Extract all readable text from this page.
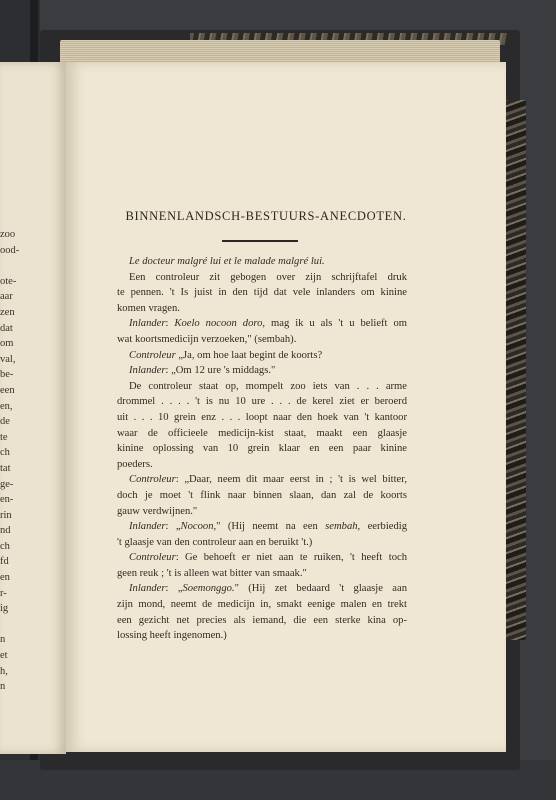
zoo
ood-
ote-
aar
zen
dat
om
val,
be-
een
en,
de
te
ch
tat
ge-
en-
rin
nd
ch
fd
en
r-
ig
n
et
h,
n
BINNENLANDSCH-BESTUURS-ANECDOTEN.
Le docteur malgré lui et le malade malgré lui.
Een controleur zit gebogen over zijn schrijftafel druk
te pennen. 't Is juist in den tijd dat vele inlanders om kinine
komen vragen.
Inlander: Koelo nocoon doro, mag ik u als 't u belieft om
wat koortsmedicijn verzoeken," (sembah).
Controleur „Ja, om hoe laat begint de koorts?
Inlander: „Om 12 ure 's middags."
De controleur staat op, mompelt zoo iets van . . . arme
drommel . . . . 't is nu 10 ure . . . de kerel ziet er beroerd
uit . . . 10 grein enz . . . loopt naar den hoek van 't kantoor
waar de officieele medicijn-kist staat, maakt een glaasje
kinine oplossing van 10 grein klaar en een paar kinine
poeders.
Controleur: „Daar, neem dit maar eerst in ; 't is wel bitter,
doch je moet 't flink naar binnen slaan, dan zal de koorts
gauw verdwijnen."
Inlander: „Nocoon," (Hij neemt na een sembah, eerbiedig
't glaasje van den controleur aan en beruikt 't.)
Controleur: Ge behoeft er niet aan te ruiken, 't heeft toch
geen reuk ; 't is alleen wat bitter van smaak."
Inlander: „Soemonggo." (Hij zet bedaard 't glaasje aan
zijn mond, neemt de medicijn in, smakt eenige malen en trekt
een gezicht net precies als iemand, die een sterke kina op-
lossing heeft ingenomen.)
